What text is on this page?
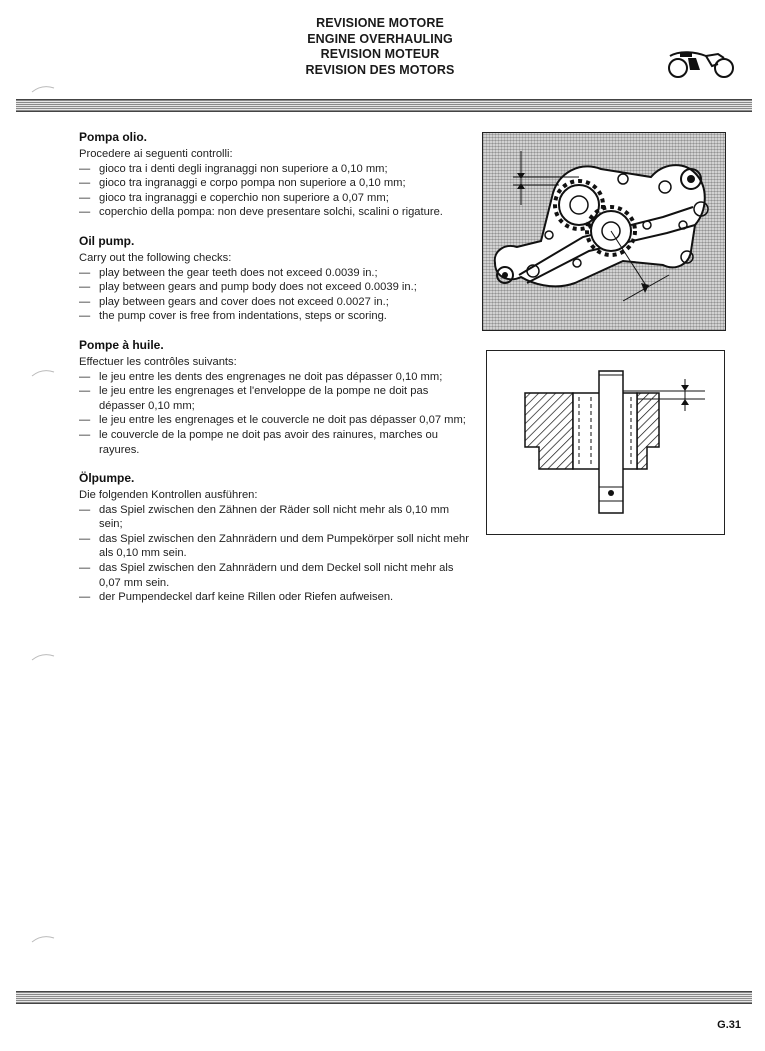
REVISIONE MOTORE
ENGINE OVERHAULING
REVISION MOTEUR
REVISION DES MOTORS
Pompa olio.

Procedere ai seguenti controlli:

— gioco tra i denti degli ingranaggi non superiore a 0,10 mm;
— gioco tra ingranaggi e corpo pompa non superiore a 0,10 mm;
— gioco tra ingranaggi e coperchio non superiore a 0,07 mm;
— coperchio della pompa: non deve presentare solchi, scalini o rigature.
Oil pump.

Carry out the following checks:

— play between the gear teeth does not exceed 0.0039 in.;
— play between gears and pump body does not exceed 0.0039 in.;
— play between gears and cover does not exceed 0.0027 in.;
— the pump cover is free from indentations, steps or scoring.
Pompe à huile.

Effectuer les contrôles suivants:

— le jeu entre les dents des engrenages ne doit pas dépasser 0,10 mm;
— le jeu entre les engrenages et l'enveloppe de la pompe ne doit pas dépasser 0,10 mm;
— le jeu entre les engrenages et le couvercle ne doit pas dépasser 0,07 mm;
— le couvercle de la pompe ne doit pas avoir des rainures, marches ou rayures.
Ölpumpe.

Die folgenden Kontrollen ausführen:

— das Spiel zwischen den Zähnen der Räder soll nicht mehr als 0,10 mm sein;
— das Spiel zwischen den Zahnrädern und dem Pumpekörper soll nicht mehr als 0,10 mm sein.
— das Spiel zwischen den Zahnrädern und dem Deckel soll nicht mehr als 0,07 mm sein.
— der Pumpendeckel darf keine Rillen oder Riefen aufweisen.
G.31
